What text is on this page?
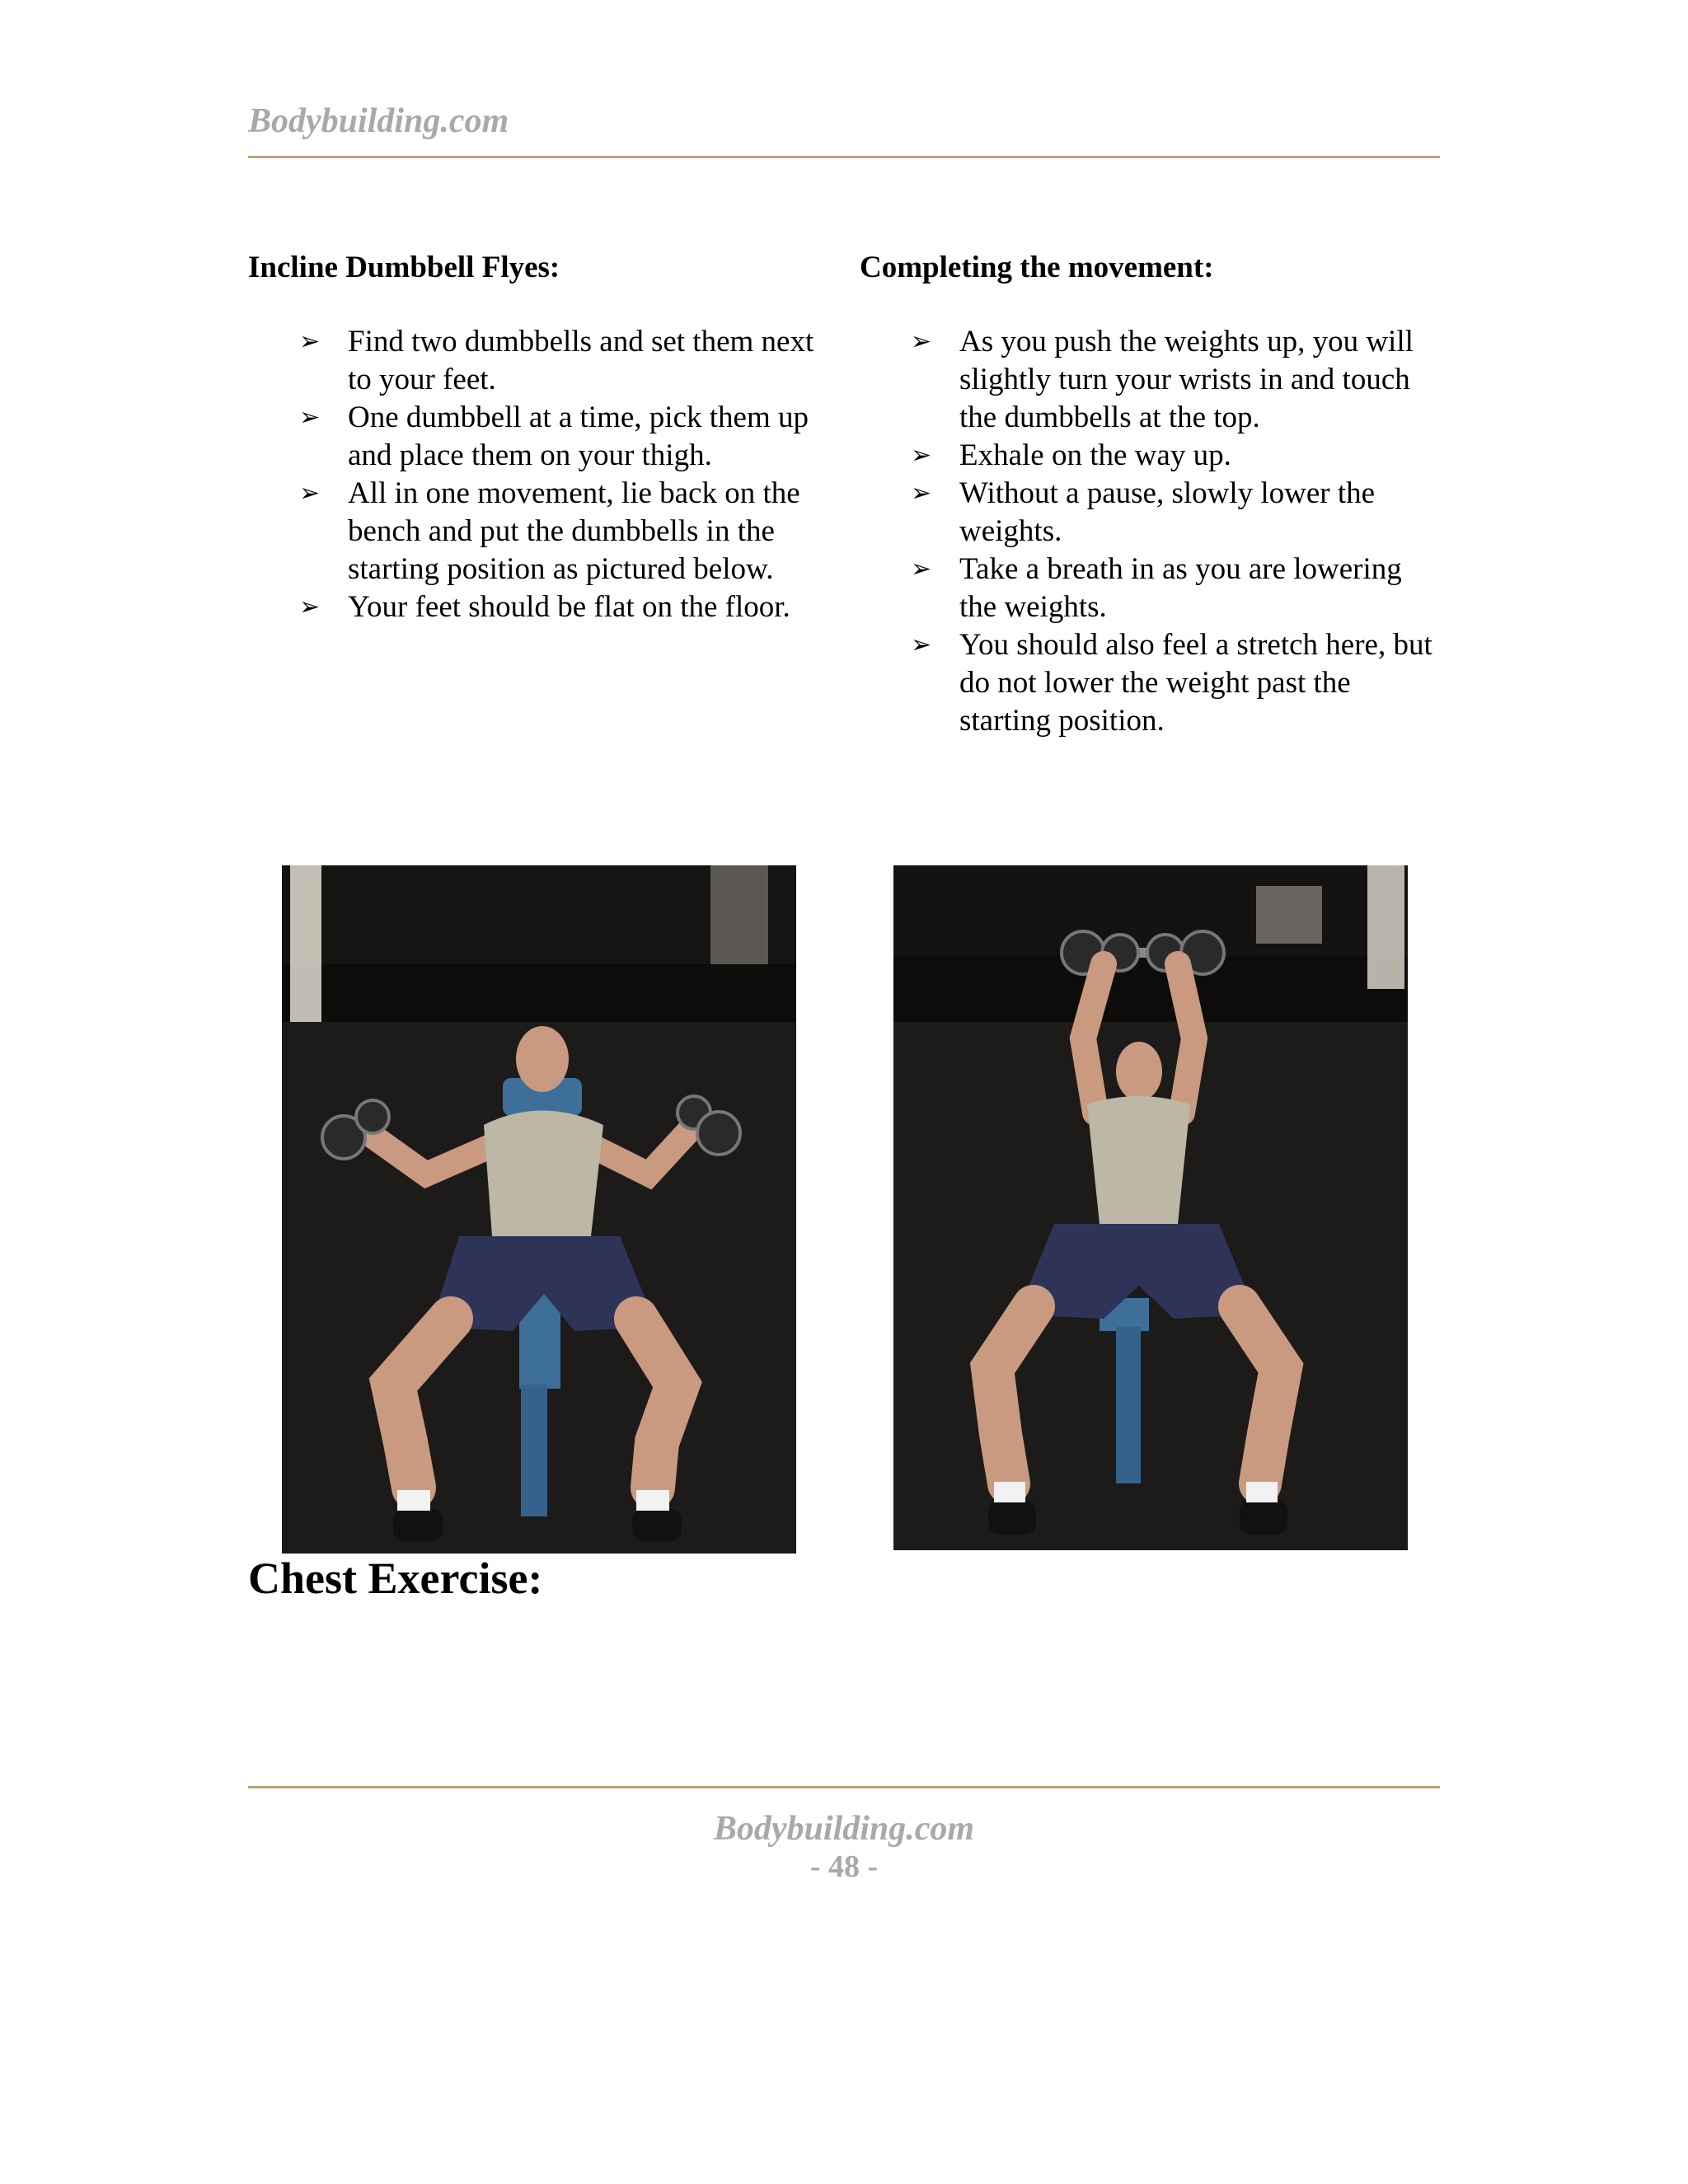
Bodybuilding.com
Incline Dumbbell Flyes:
➢ Find two dumbbells and set them next to your feet.
➢ One dumbbell at a time, pick them up and place them on your thigh.
➢ All in one movement, lie back on the bench and put the dumbbells in the starting position as pictured below.
➢ Your feet should be flat on the floor.
Completing the movement:
➢ As you push the weights up, you will slightly turn your wrists in and touch the dumbbells at the top.
➢ Exhale on the way up.
➢ Without a pause, slowly lower the weights.
➢ Take a breath in as you are lowering the weights.
➢ You should also feel a stretch here, but do not lower the weight past the starting position.
Chest Exercise:
Bodybuilding.com
- 48 -
